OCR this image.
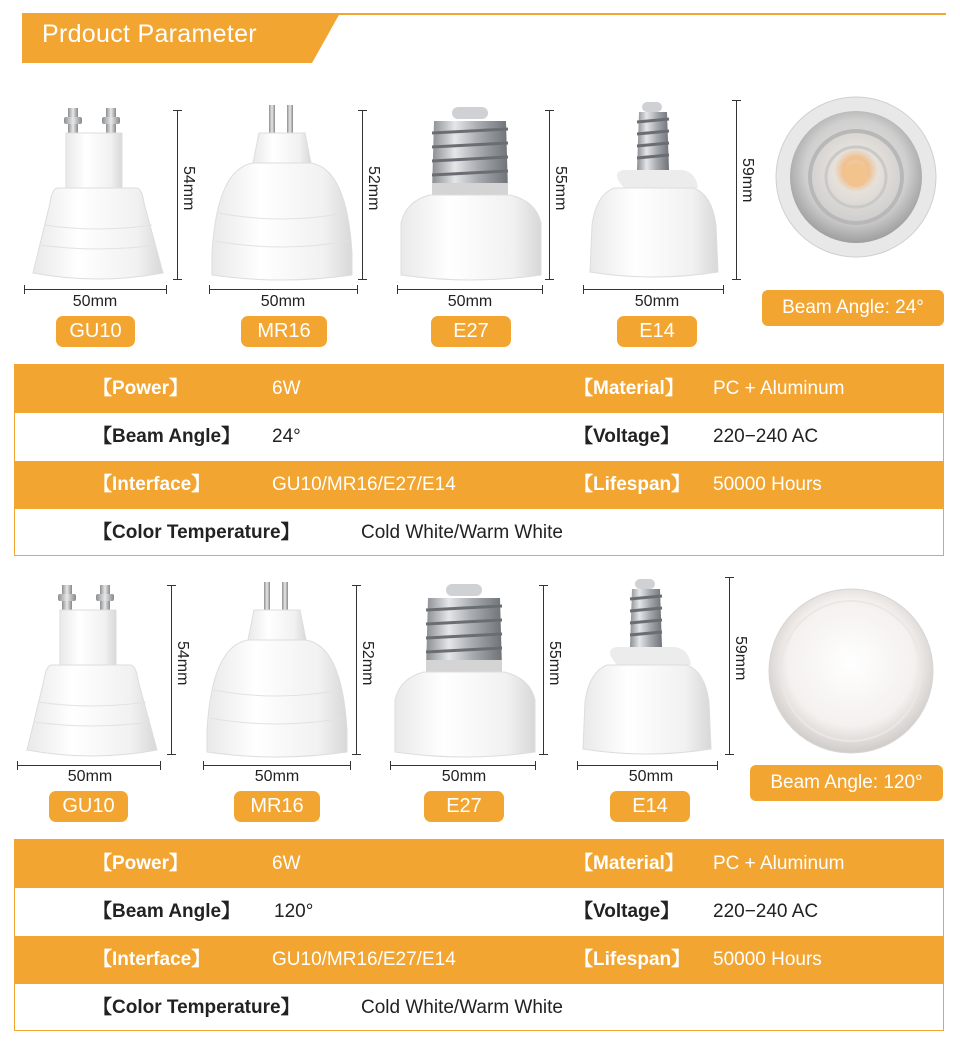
Prdouct Parameter
54mm	52mm	55mm	59mm
50mm	50mm	50mm	50mm
GU10	MR16	E27	E14
Beam Angle: 24°
【Power】	6W	【Material】 PC + Aluminum
【Beam Angle】 24°	【Voltage】 220−240 AC
【Interface】	GU10/MR16/E27/E14	【Lifespan】 50000 Hours
【Color Temperature】	Cold White/Warm White
54mm	52mm	55mm	59mm
50mm	50mm	50mm	50mm
GU10	MR16	E27	E14
Beam Angle: 120°
【Power】	6W	【Material】 PC + Aluminum
【Beam Angle】 120°	【Voltage】 220−240 AC
【Interface】	GU10/MR16/E27/E14	【Lifespan】 50000 Hours
【Color Temperature】	Cold White/Warm White
